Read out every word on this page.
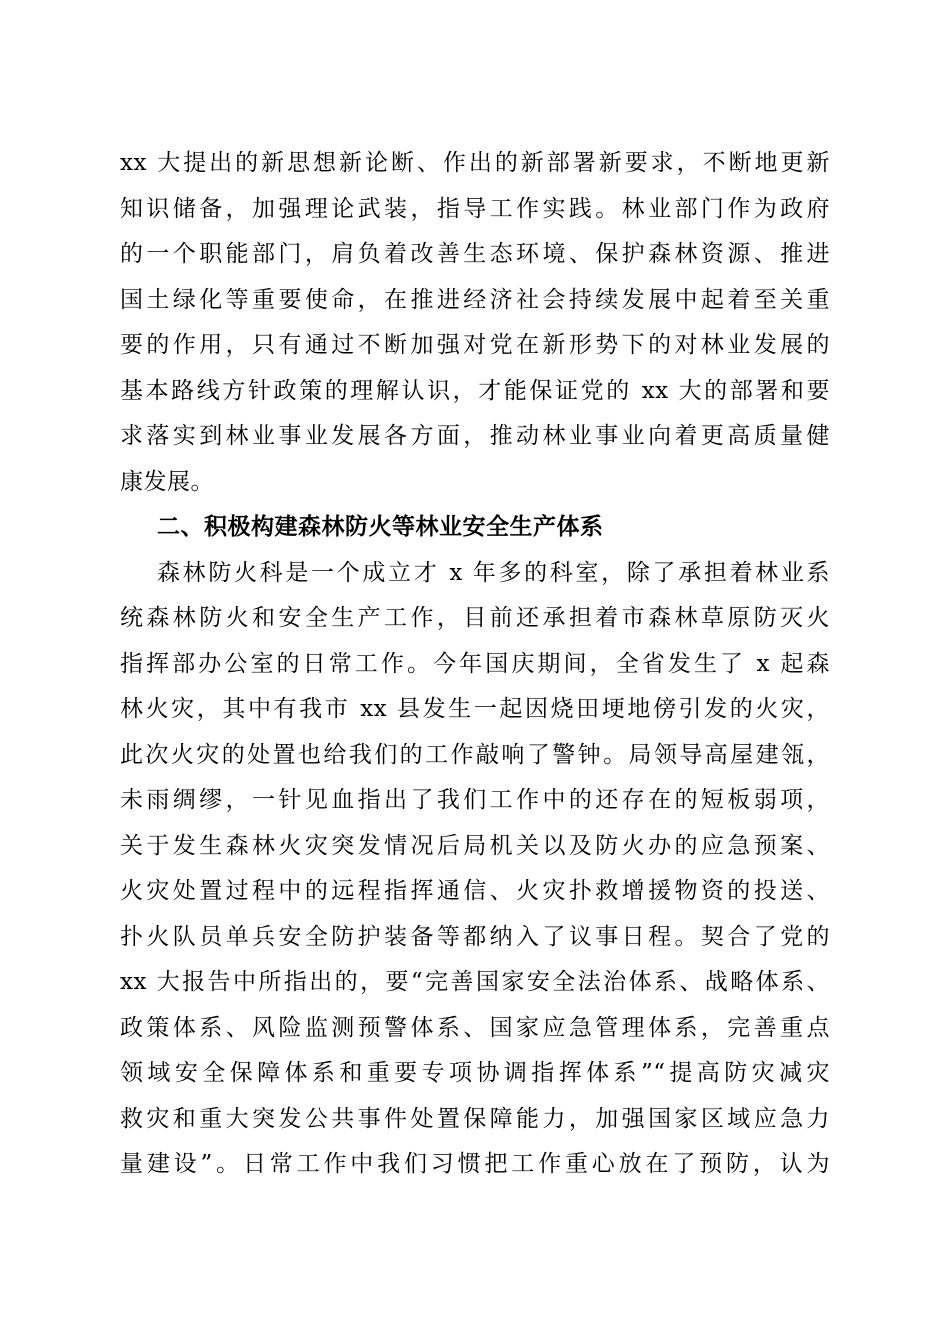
xx 大提出的新思想新论断、作出的新部署新要求，不断地更新
知识储备，加强理论武装，指导工作实践。林业部门作为政府
的一个职能部门，肩负着改善生态环境、保护森林资源、推进
国土绿化等重要使命，在推进经济社会持续发展中起着至关重
要的作用，只有通过不断加强对党在新形势下的对林业发展的
基本路线方针政策的理解认识，才能保证党的 xx 大的部署和要
求落实到林业事业发展各方面，推动林业事业向着更高质量健
康发展。
二、积极构建森林防火等林业安全生产体系
森林防火科是一个成立才 x 年多的科室，除了承担着林业系
统森林防火和安全生产工作，目前还承担着市森林草原防灭火
指挥部办公室的日常工作。今年国庆期间，全省发生了 x 起森
林火灾，其中有我市 xx 县发生一起因烧田埂地傍引发的火灾，
此次火灾的处置也给我们的工作敲响了警钟。局领导高屋建瓴，
未雨绸缪，一针见血指出了我们工作中的还存在的短板弱项，
关于发生森林火灾突发情况后局机关以及防火办的应急预案、
火灾处置过程中的远程指挥通信、火灾扑救增援物资的投送、
扑火队员单兵安全防护装备等都纳入了议事日程。契合了党的
xx 大报告中所指出的，要“完善国家安全法治体系、战略体系、
政策体系、风险监测预警体系、国家应急管理体系，完善重点
领域安全保障体系和重要专项协调指挥体系”“提高防灾减灾
救灾和重大突发公共事件处置保障能力，加强国家区域应急力
量建设”。日常工作中我们习惯把工作重心放在了预防，认为
